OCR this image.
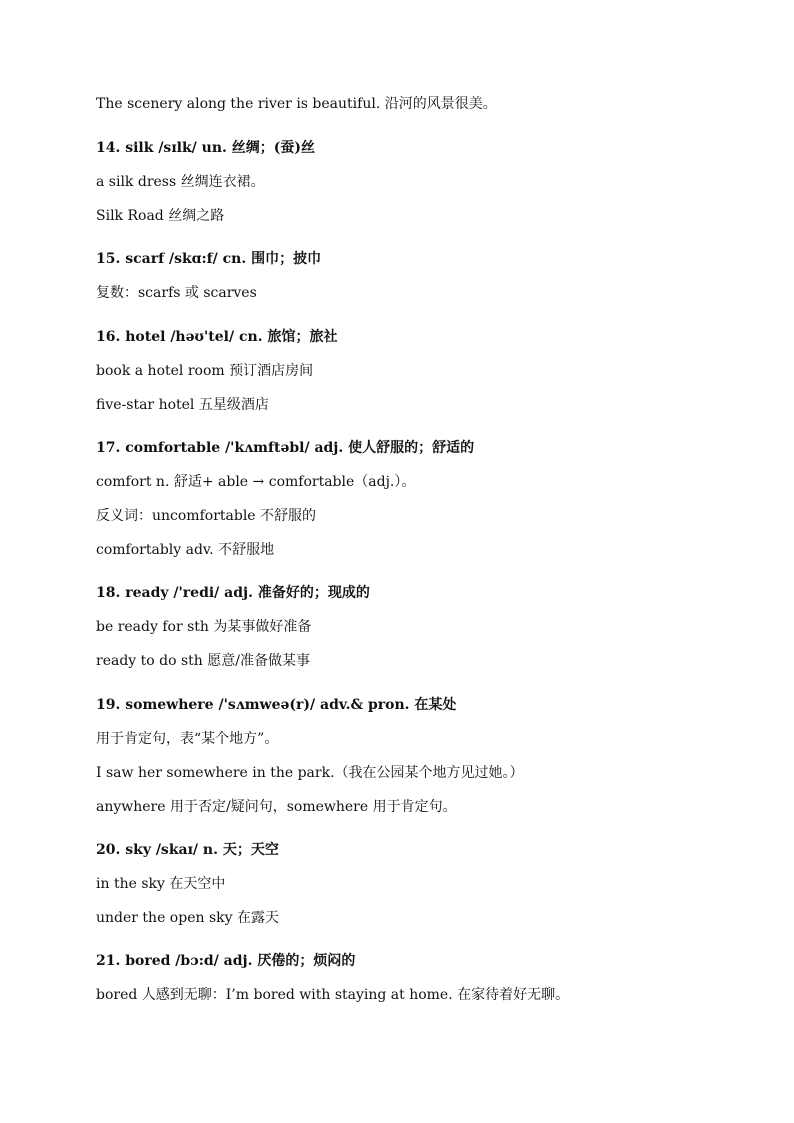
The scenery along the river is beautiful. 沿河的风景很美。
14. silk /sɪlk/ un. 丝绸；(蚕)丝
a silk dress 丝绸连衣裙。
Silk Road 丝绸之路
15. scarf /skɑ:f/ cn. 围巾；披巾
复数：scarfs 或 scarves
16. hotel /həʊ'tel/ cn. 旅馆；旅社
book a hotel room 预订酒店房间
five-star hotel 五星级酒店
17. comfortable /'kʌmftəbl/ adj. 使人舒服的；舒适的
comfort n. 舒适+ able → comfortable（adj.）。
反义词：uncomfortable 不舒服的
comfortably adv. 不舒服地
18. ready /'redi/ adj. 准备好的；现成的
be ready for sth 为某事做好准备
ready to do sth 愿意/准备做某事
19. somewhere /'sʌmweə(r)/ adv.& pron. 在某处
用于肯定句，表“某个地方”。
I saw her somewhere in the park.（我在公园某个地方见过她。）
anywhere 用于否定/疑问句，somewhere 用于肯定句。
20. sky /skaɪ/ n. 天；天空
in the sky 在天空中
under the open sky 在露天
21. bored /bɔ:d/ adj. 厌倦的；烦闷的
bored 人感到无聊：I’m bored with staying at home. 在家待着好无聊。
